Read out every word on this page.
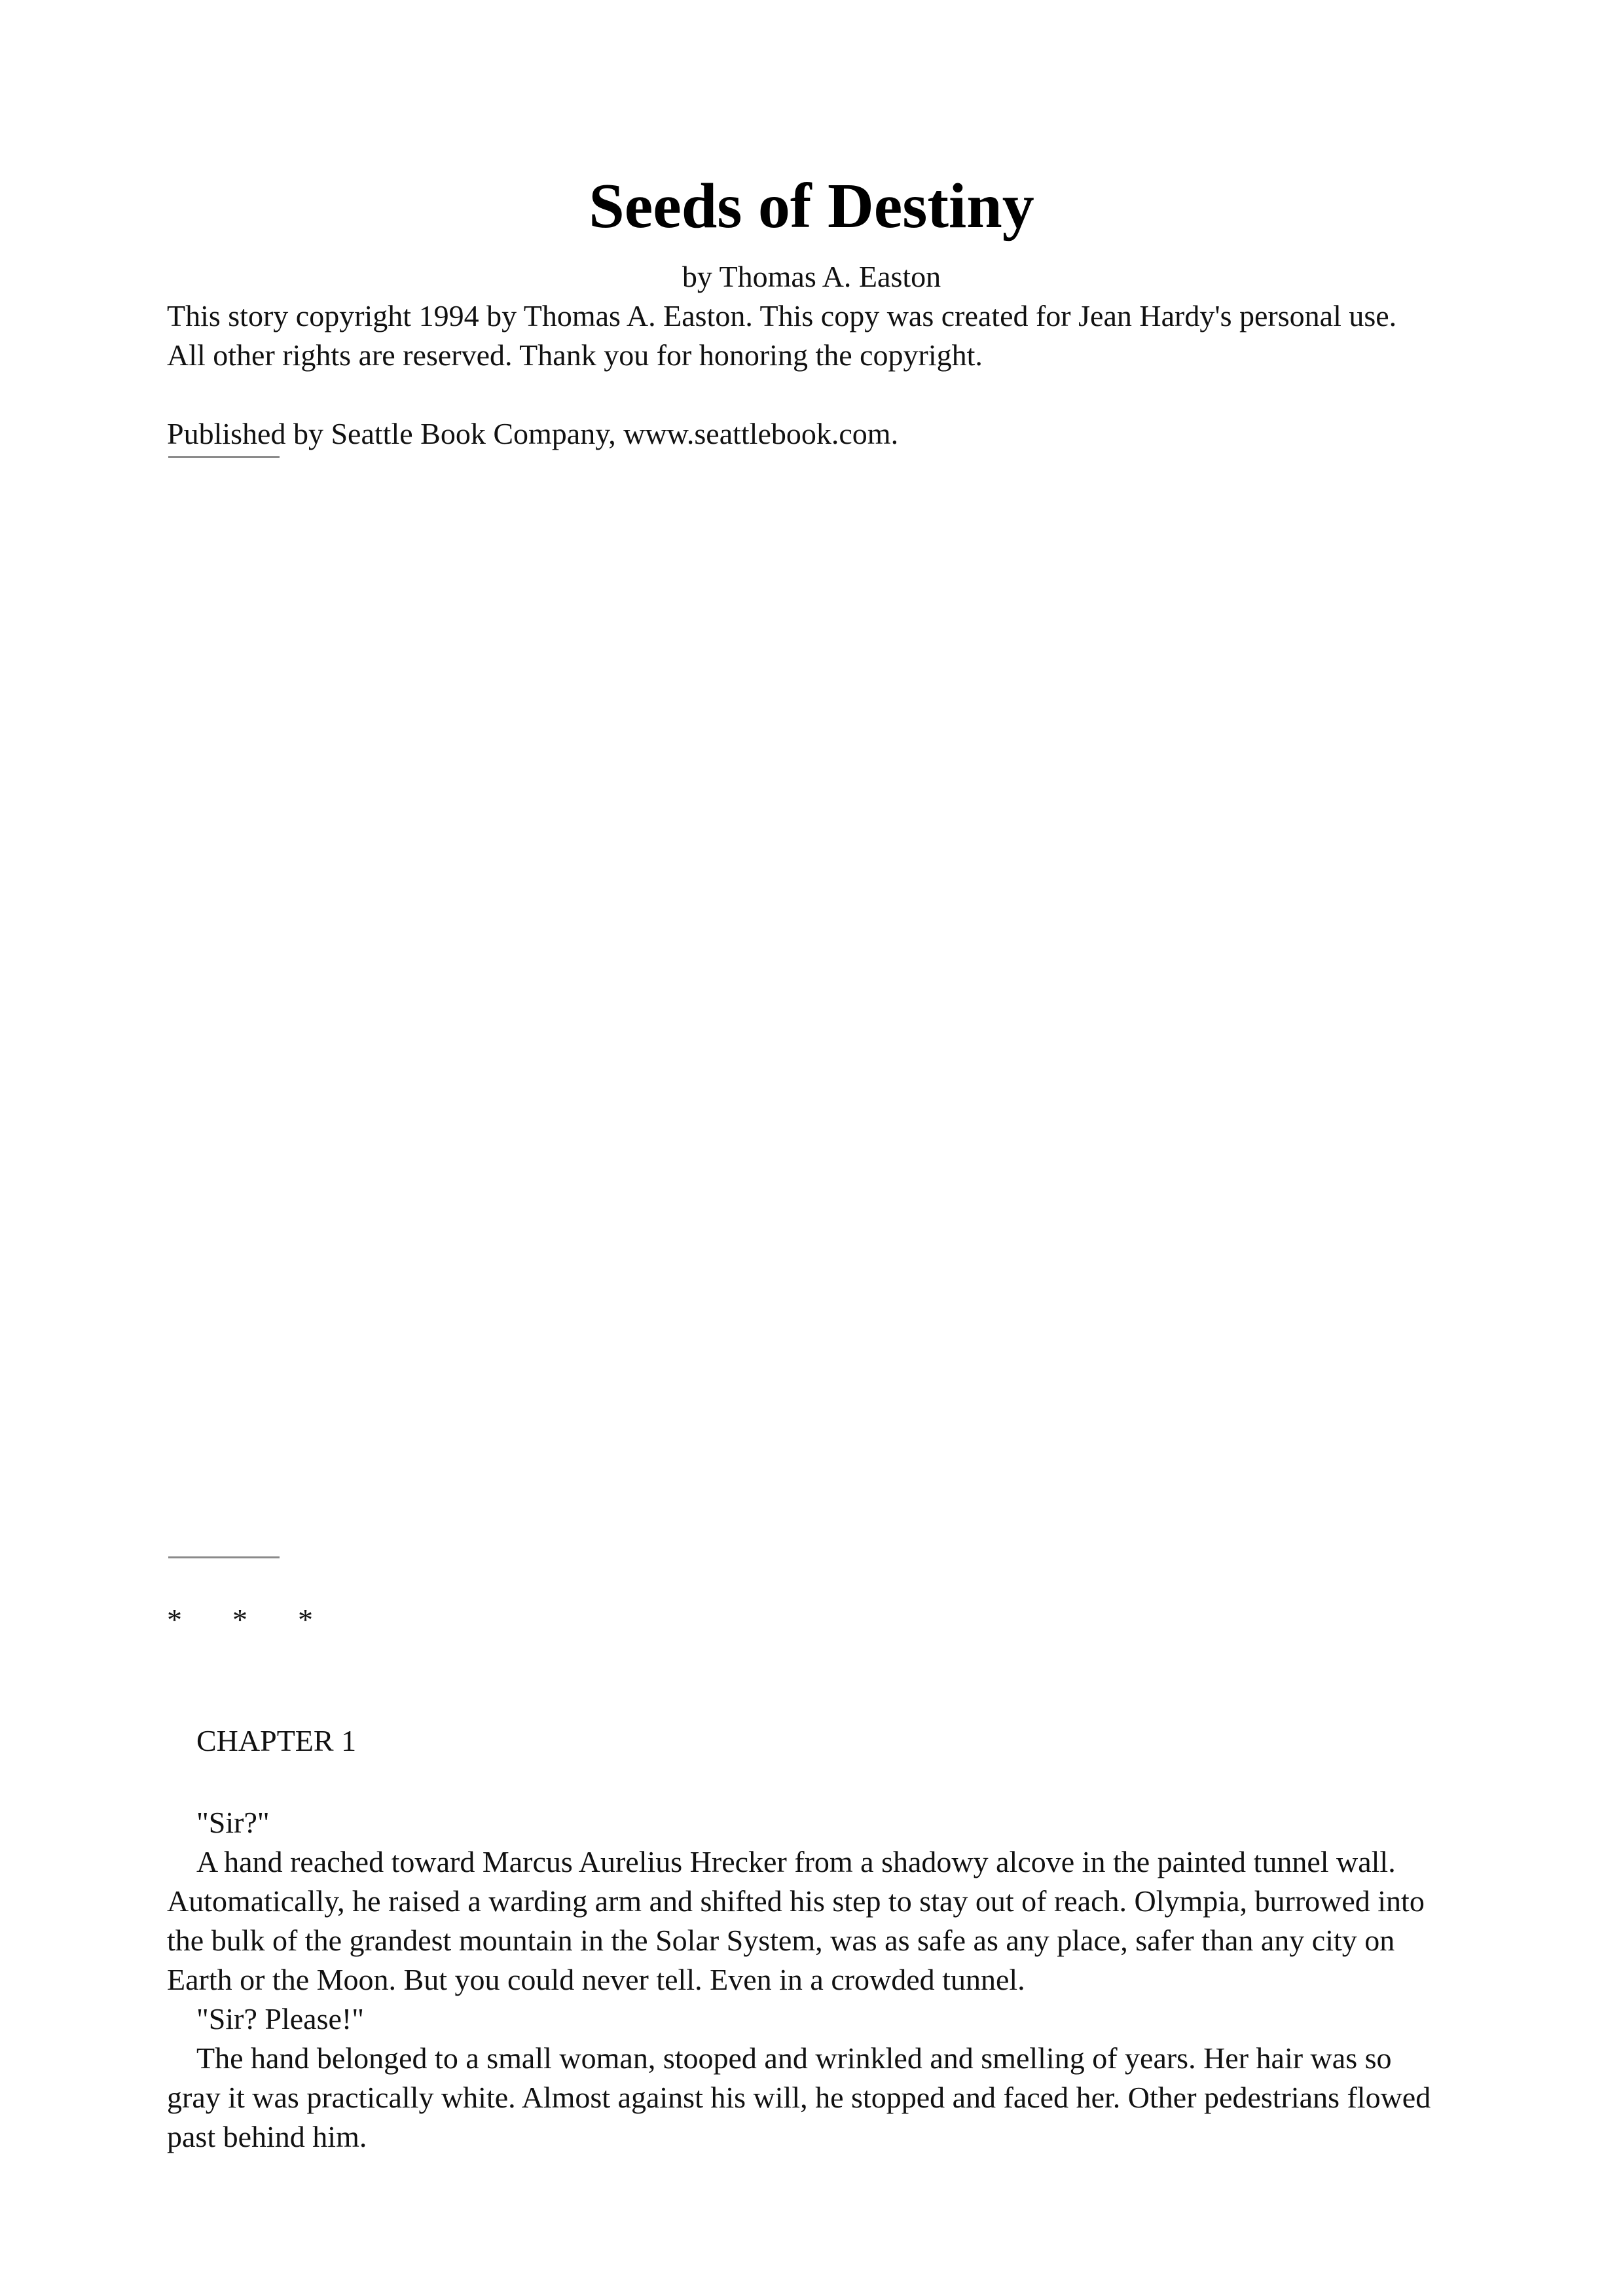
Seeds of Destiny
by Thomas A. Easton
This story copyright 1994 by Thomas A. Easton. This copy was created for Jean Hardy's personal use.
All other rights are reserved. Thank you for honoring the copyright.
Published by Seattle Book Company, www.seattlebook.com.
* * *
CHAPTER 1
"Sir?"
A hand reached toward Marcus Aurelius Hrecker from a shadowy alcove in the painted tunnel wall.
Automatically, he raised a warding arm and shifted his step to stay out of reach. Olympia, burrowed into
the bulk of the grandest mountain in the Solar System, was as safe as any place, safer than any city on
Earth or the Moon. But you could never tell. Even in a crowded tunnel.
"Sir? Please!"
The hand belonged to a small woman, stooped and wrinkled and smelling of years. Her hair was so
gray it was practically white. Almost against his will, he stopped and faced her. Other pedestrians flowed
past behind him.
